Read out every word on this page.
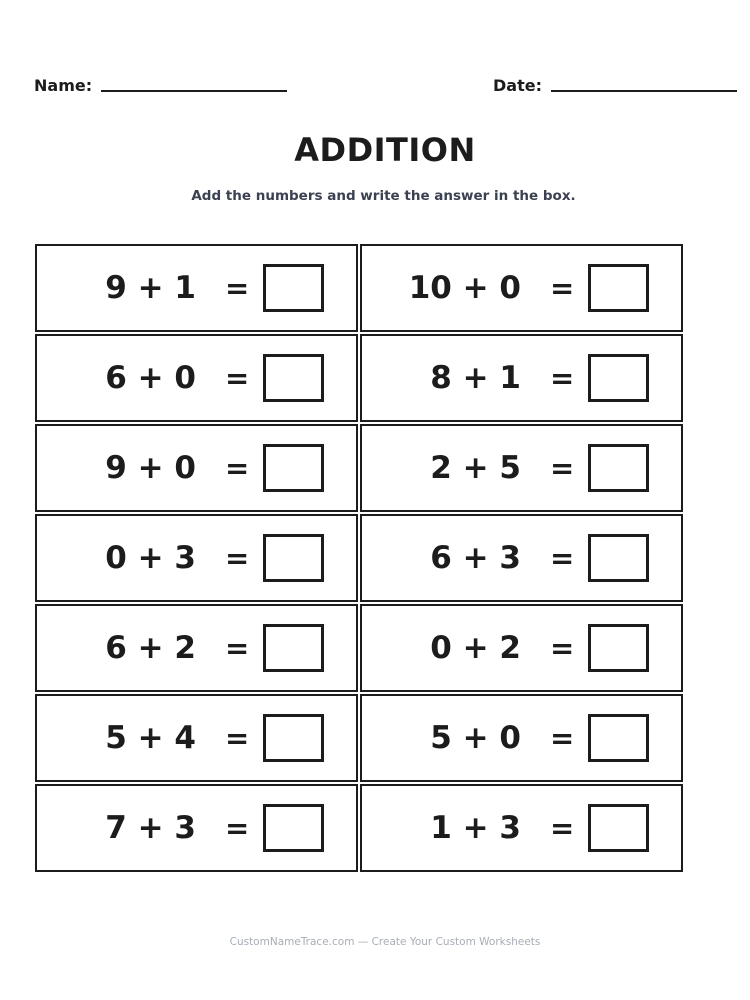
Name:	Date:
ADDITION
Add the numbers and write the answer in the box.
9 + 1 =	10 + 0 =
6 + 0 =	8 + 1 =
9 + 0 =	2 + 5 =
0 + 3 =	6 + 3 =
6 + 2 =	0 + 2 =
5 + 4 =	5 + 0 =
7 + 3 =	1 + 3 =
CustomNameTrace.com — Create Your Custom Worksheets
